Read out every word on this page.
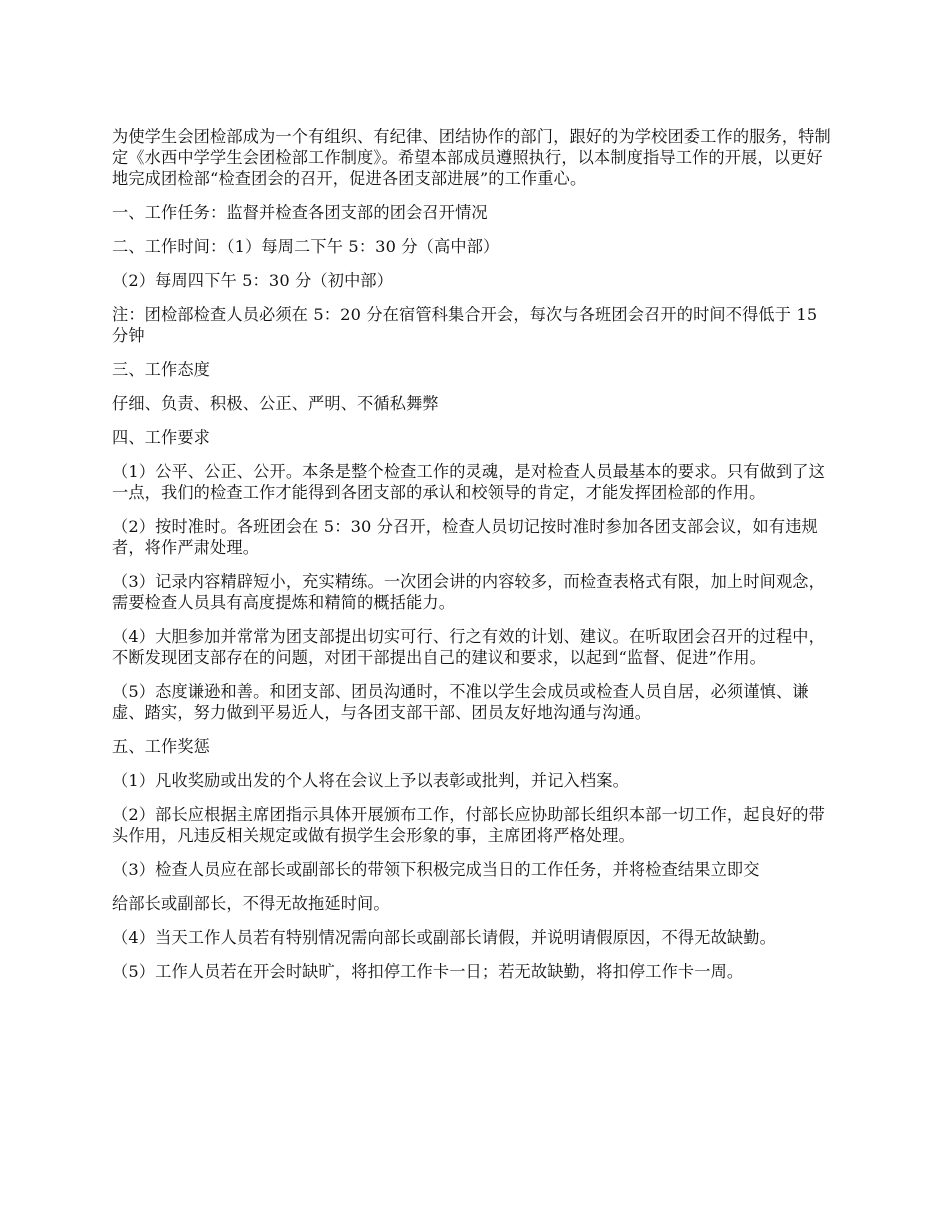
为使学生会团检部成为一个有组织、有纪律、团结协作的部门，跟好的为学校团委工作的服务，特制定《水西中学学生会团检部工作制度》。希望本部成员遵照执行，以本制度指导工作的开展，以更好地完成团检部“检查团会的召开，促进各团支部进展”的工作重心。

一、工作任务：监督并检查各团支部的团会召开情况

二、工作时间：（1）每周二下午 5：30 分（高中部）

（2）每周四下午 5：30 分（初中部）

注：团检部检查人员必须在 5：20 分在宿管科集合开会，每次与各班团会召开的时间不得低于 15 分钟

三、工作态度

仔细、负责、积极、公正、严明、不循私舞弊

四、工作要求

（1）公平、公正、公开。本条是整个检查工作的灵魂，是对检查人员最基本的要求。只有做到了这一点，我们的检查工作才能得到各团支部的承认和校领导的肯定，才能发挥团检部的作用。

（2）按时准时。各班团会在 5：30 分召开，检查人员切记按时准时参加各团支部会议，如有违规者，将作严肃处理。

（3）记录内容精辟短小，充实精练。一次团会讲的内容较多，而检查表格式有限，加上时间观念，需要检查人员具有高度提炼和精简的概括能力。

（4）大胆参加并常常为团支部提出切实可行、行之有效的计划、建议。在听取团会召开的过程中，不断发现团支部存在的问题，对团干部提出自己的建议和要求，以起到“监督、促进”作用。

（5）态度谦逊和善。和团支部、团员沟通时，不准以学生会成员或检查人员自居，必须谨慎、谦虚、踏实，努力做到平易近人，与各团支部干部、团员友好地沟通与沟通。

五、工作奖惩

（1）凡收奖励或出发的个人将在会议上予以表彰或批判，并记入档案。

（2）部长应根据主席团指示具体开展颁布工作，付部长应协助部长组织本部一切工作，起良好的带头作用，凡违反相关规定或做有损学生会形象的事，主席团将严格处理。

（3）检查人员应在部长或副部长的带领下积极完成当日的工作任务，并将检查结果立即交

给部长或副部长，不得无故拖延时间。

（4）当天工作人员若有特别情况需向部长或副部长请假，并说明请假原因，不得无故缺勤。

（5）工作人员若在开会时缺旷，将扣停工作卡一日；若无故缺勤，将扣停工作卡一周。
